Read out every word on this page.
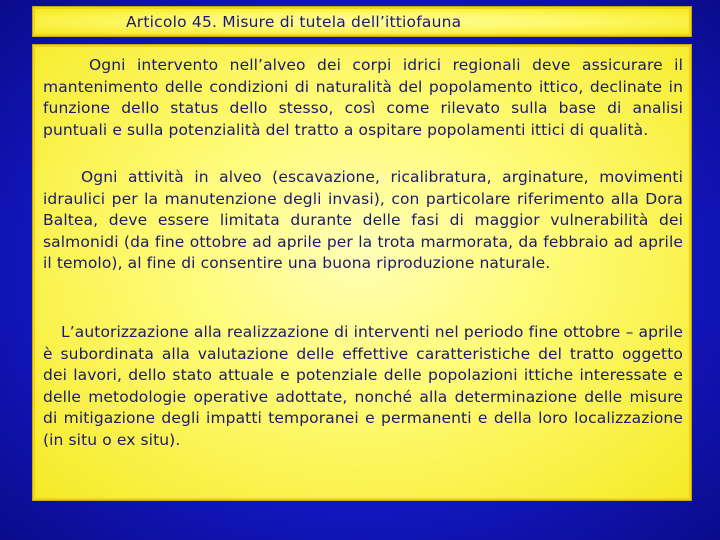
Articolo 45. Misure di tutela dell’ittiofauna

Ogni intervento nell’alveo dei corpi idrici regionali deve assicurare il mantenimento delle condizioni di naturalità del popolamento ittico, declinate in funzione dello status dello stesso, così come rilevato sulla base di analisi puntuali e sulla potenzialità del tratto a ospitare popolamenti ittici di qualità.

Ogni attività in alveo (escavazione, ricalibratura, arginature, movimenti idraulici per la manutenzione degli invasi), con particolare riferimento alla Dora Baltea, deve essere limitata durante delle fasi di maggior vulnerabilità dei salmonidi (da fine ottobre ad aprile per la trota marmorata, da febbraio ad aprile il temolo), al fine di consentire una buona riproduzione naturale.

L’autorizzazione alla realizzazione di interventi nel periodo fine ottobre – aprile è subordinata alla valutazione delle effettive caratteristiche del tratto oggetto dei lavori, dello stato attuale e potenziale delle popolazioni ittiche interessate e delle metodologie operative adottate, nonché alla determinazione delle misure di mitigazione degli impatti temporanei e permanenti e della loro localizzazione (in situ o ex situ).
